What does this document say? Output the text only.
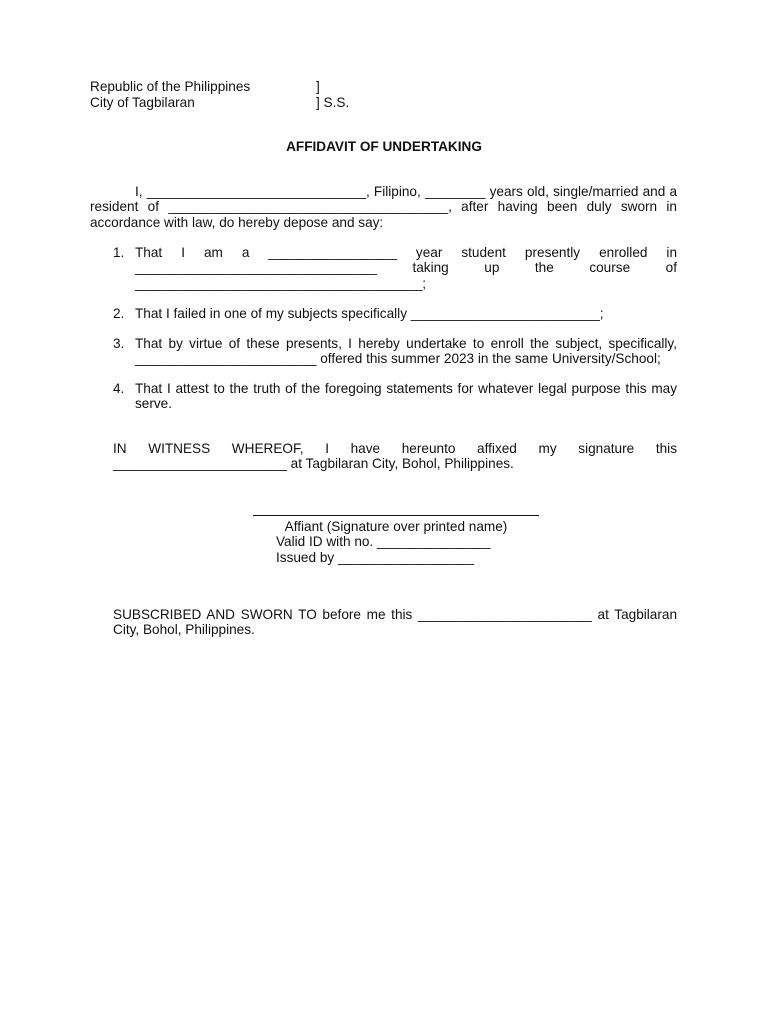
Republic of the Philippines	]
City of Tagbilaran	] S.S.
AFFIDAVIT OF UNDERTAKING

I, _____________________________, Filipino, ________ years old, single/married and a resident of _____________________________________, after having been duly sworn in accordance with law, do hereby depose and say:

1. That I am a _________________ year student presently enrolled in ________________________________ taking up the course of ______________________________________;
2. That I failed in one of my subjects specifically _________________________;
3. That by virtue of these presents, I hereby undertake to enroll the subject, specifically, ________________________ offered this summer 2023 in the same University/School;
4. That I attest to the truth of the foregoing statements for whatever legal purpose this may serve.

IN WITNESS WHEREOF, I have hereunto affixed my signature this _______________________ at Tagbilaran City, Bohol, Philippines.

Affiant (Signature over printed name)
Valid ID with no. _______________
Issued by __________________

SUBSCRIBED AND SWORN TO before me this _______________________ at Tagbilaran City, Bohol, Philippines.
